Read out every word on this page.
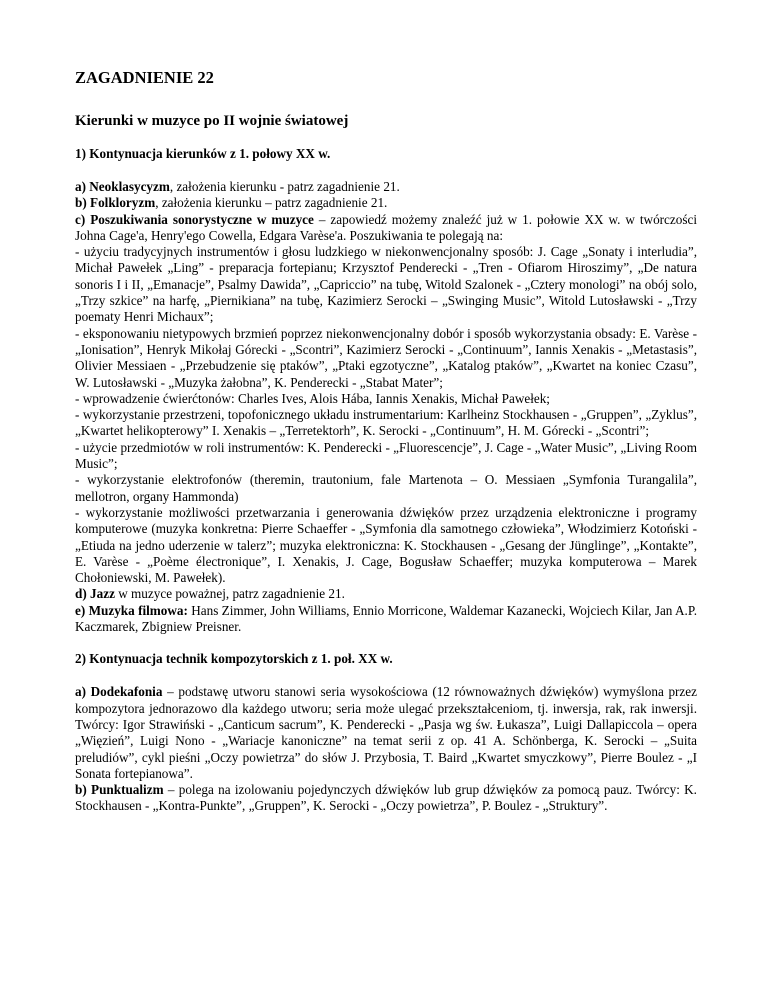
ZAGADNIENIE 22
Kierunki w muzyce po II wojnie światowej
1) Kontynuacja kierunków z 1. połowy XX w.

a) Neoklasycyzm, założenia kierunku - patrz zagadnienie 21.

b) Folkloryzm, założenia kierunku – patrz zagadnienie 21.

c) Poszukiwania sonorystyczne w muzyce – zapowiedź możemy znaleźć już w 1. połowie XX w. w twórczości Johna Cage'a, Henry'ego Cowella, Edgara Varèse'a. Poszukiwania te polegają na:

- użyciu tradycyjnych instrumentów i głosu ludzkiego w niekonwencjonalny sposób: J. Cage „Sonaty i interludia”, Michał Pawełek „Ling” - preparacja fortepianu; Krzysztof Penderecki - „Tren - Ofiarom Hiroszimy”, „De natura sonoris I i II, „Emanacje”, Psalmy Dawida”, „Capriccio” na tubę, Witold Szalonek - „Cztery monologi” na obój solo, „Trzy szkice” na harfę, „Piernikiana” na tubę, Kazimierz Serocki – „Swinging Music”, Witold Lutosławski - „Trzy poematy Henri Michaux”;

- eksponowaniu nietypowych brzmień poprzez niekonwencjonalny dobór i sposób wykorzystania obsady: E. Varèse - „Ionisation”, Henryk Mikołaj Górecki - „Scontri”, Kazimierz Serocki - „Continuum”, Iannis Xenakis - „Metastasis”, Olivier Messiaen - „Przebudzenie się ptaków”, „Ptaki egzotyczne”, „Katalog ptaków”, „Kwartet na koniec Czasu”, W. Lutosławski - „Muzyka żałobna”, K. Penderecki - „Stabat Mater”;

- wprowadzenie ćwierćtonów: Charles Ives, Alois Hába, Iannis Xenakis, Michał Pawełek;

- wykorzystanie przestrzeni, topofonicznego układu instrumentarium: Karlheinz Stockhausen - „Gruppen”, „Zyklus”, „Kwartet helikopterowy” I. Xenakis – „Terretektorh”, K. Serocki - „Continuum”, H. M. Górecki - „Scontri”;

- użycie przedmiotów w roli instrumentów: K. Penderecki - „Fluorescencje”, J. Cage - „Water Music”, „Living Room Music”;

- wykorzystanie elektrofonów (theremin, trautonium, fale Martenota – O. Messiaen „Symfonia Turangalila”, mellotron, organy Hammonda)

- wykorzystanie możliwości przetwarzania i generowania dźwięków przez urządzenia elektroniczne i programy komputerowe (muzyka konkretna: Pierre Schaeffer - „Symfonia dla samotnego człowieka”, Włodzimierz Kotoński - „Etiuda na jedno uderzenie w talerz”; muzyka elektroniczna: K. Stockhausen - „Gesang der Jünglinge”, „Kontakte”, E. Varèse - „Poème électronique”, I. Xenakis, J. Cage, Bogusław Schaeffer; muzyka komputerowa – Marek Chołoniewski, M. Pawełek).

d) Jazz w muzyce poważnej, patrz zagadnienie 21.

e) Muzyka filmowa: Hans Zimmer, John Williams, Ennio Morricone, Waldemar Kazanecki, Wojciech Kilar, Jan A.P. Kaczmarek, Zbigniew Preisner.

2) Kontynuacja technik kompozytorskich z 1. poł. XX w.

a) Dodekafonia – podstawę utworu stanowi seria wysokościowa (12 równoważnych dźwięków) wymyślona przez kompozytora jednorazowo dla każdego utworu; seria może ulegać przekształceniom, tj. inwersja, rak, rak inwersji. Twórcy: Igor Strawiński - „Canticum sacrum”, K. Penderecki - „Pasja wg św. Łukasza”, Luigi Dallapiccola – opera „Więzień”, Luigi Nono - „Wariacje kanoniczne” na temat serii z op. 41 A. Schönberga, K. Serocki – „Suita preludiów”, cykl pieśni „Oczy powietrza” do słów J. Przybosia, T. Baird „Kwartet smyczkowy”, Pierre Boulez - „I Sonata fortepianowa”.

b) Punktualizm – polega na izolowaniu pojedynczych dźwięków lub grup dźwięków za pomocą pauz. Twórcy: K. Stockhausen - „Kontra-Punkte”, „Gruppen”, K. Serocki - „Oczy powietrza”, P. Boulez - „Struktury”.
